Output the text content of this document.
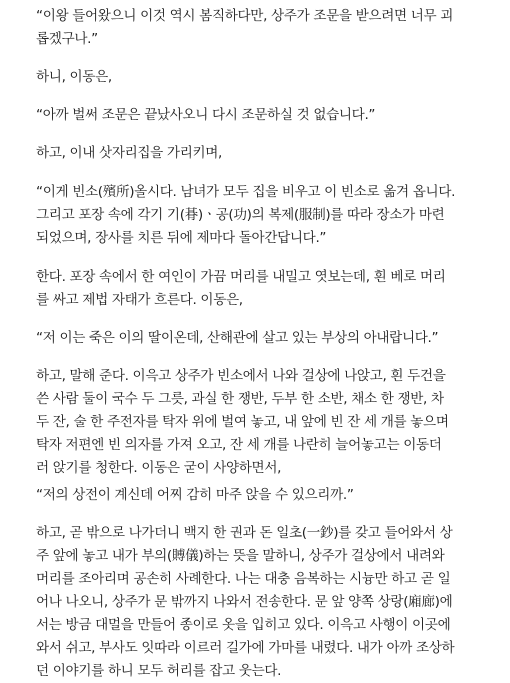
“이왕 들어왔으니 이것 역시 봄직하다만, 상주가 조문을 받으려면 너무 괴
롭겠구나.”
하니, 이동은,
“아까 벌써 조문은 끝났사오니 다시 조문하실 것 없습니다.”
하고, 이내 삿자리집을 가리키며,
“이게 빈소(殯所)올시다. 남녀가 모두 집을 비우고 이 빈소로 옮겨 옵니다.
그리고 포장 속에 각기 기(朞)ㆍ공(功)의 복제(服制)를 따라 장소가 마련
되었으며, 장사를 치른 뒤에 제마다 돌아간답니다.”
한다. 포장 속에서 한 여인이 가끔 머리를 내밀고 엿보는데, 흰 베로 머리
를 싸고 제법 자태가 흐른다. 이동은,
“저 이는 죽은 이의 딸이온데, 산해관에 살고 있는 부상의 아내랍니다.”
하고, 말해 준다. 이윽고 상주가 빈소에서 나와 걸상에 나앉고, 흰 두건을
쓴 사람 둘이 국수 두 그릇, 과실 한 쟁반, 두부 한 소반, 채소 한 쟁반, 차
두 잔, 술 한 주전자를 탁자 위에 벌여 놓고, 내 앞에 빈 잔 세 개를 놓으며
탁자 저편엔 빈 의자를 가져 오고, 잔 세 개를 나란히 늘어놓고는 이동더
러 앉기를 청한다. 이동은 굳이 사양하면서,
“저의 상전이 계신데 어찌 감히 마주 앉을 수 있으리까.”
하고, 곧 밖으로 나가더니 백지 한 권과 돈 일초(一鈔)를 갖고 들어와서 상
주 앞에 놓고 내가 부의(賻儀)하는 뜻을 말하니, 상주가 걸상에서 내려와
머리를 조아리며 공손히 사례한다. 나는 대충 음복하는 시늉만 하고 곧 일
어나 나오니, 상주가 문 밖까지 나와서 전송한다. 문 앞 양쪽 상랑(廂廊)에
서는 방금 대멀을 만들어 종이로 옷을 입히고 있다. 이윽고 사행이 이곳에
와서 쉬고, 부사도 잇따라 이르러 길가에 가마를 내렸다. 내가 아까 조상하
던 이야기를 하니 모두 허리를 잡고 웃는다.
